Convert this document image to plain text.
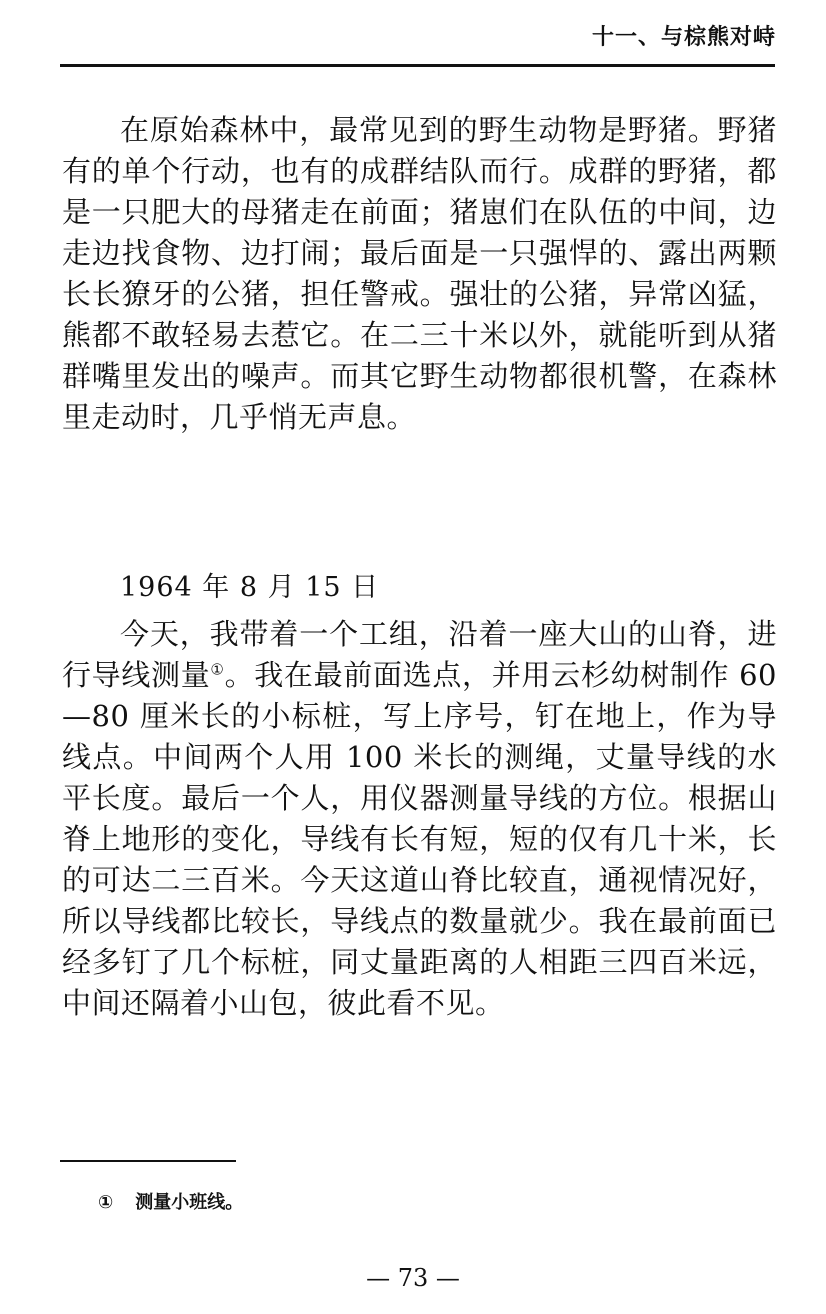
十一、与棕熊对峙

在原始森林中，最常见到的野生动物是野猪。野猪有的单个行动，也有的成群结队而行。成群的野猪，都是一只肥大的母猪走在前面；猪崽们在队伍的中间，边走边找食物、边打闹；最后面是一只强悍的、露出两颗长长獠牙的公猪，担任警戒。强壮的公猪，异常凶猛，熊都不敢轻易去惹它。在二三十米以外，就能听到从猪群嘴里发出的噪声。而其它野生动物都很机警，在森林里走动时，几乎悄无声息。

1964 年 8 月 15 日

今天，我带着一个工组，沿着一座大山的山脊，进行导线测量①。我在最前面选点，并用云杉幼树制作 60—80 厘米长的小标桩，写上序号，钉在地上，作为导线点。中间两个人用 100 米长的测绳，丈量导线的水平长度。最后一个人，用仪器测量导线的方位。根据山脊上地形的变化，导线有长有短，短的仅有几十米，长的可达二三百米。今天这道山脊比较直，通视情况好，所以导线都比较长，导线点的数量就少。我在最前面已经多钉了几个标桩，同丈量距离的人相距三四百米远，中间还隔着小山包，彼此看不见。

① 测量小班线。
— 73 —
